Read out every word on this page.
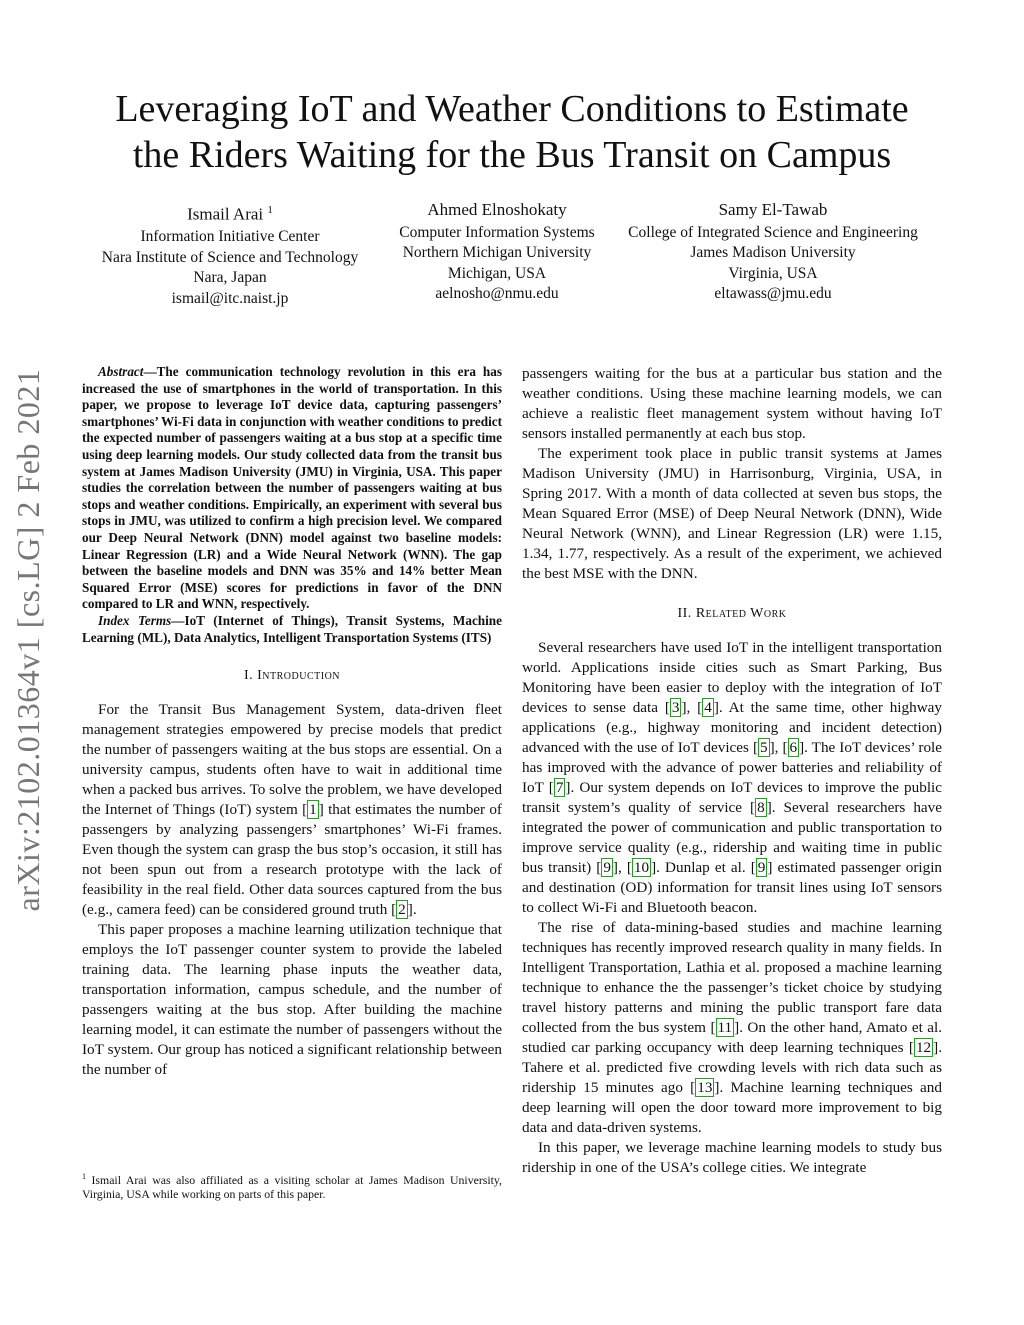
arXiv:2102.01364v1 [cs.LG] 2 Feb 2021
Leveraging IoT and Weather Conditions to Estimate
the Riders Waiting for the Bus Transit on Campus
Ismail Arai $^1$
Information Initiative Center
Nara Institute of Science and Technology
Nara, Japan
ismail@itc.naist.jp
Ahmed Elnoshokaty
Computer Information Systems
Northern Michigan University
Michigan, USA
aelnosho@nmu.edu
Samy El-Tawab
College of Integrated Science and Engineering
James Madison University
Virginia, USA
eltawass@jmu.edu

Abstract—The communication technology revolution in this era has increased the use of smartphones in the world of transportation. In this paper, we propose to leverage IoT device data, capturing passengers’ smartphones’ Wi-Fi data in conjunction with weather conditions to predict the expected number of passengers waiting at a bus stop at a specific time using deep learning models. Our study collected data from the transit bus system at James Madison University (JMU) in Virginia, USA. This paper studies the correlation between the number of passengers waiting at bus stops and weather conditions. Empirically, an experiment with several bus stops in JMU, was utilized to confirm a high precision level. We compared our Deep Neural Network (DNN) model against two baseline models: Linear Regression (LR) and a Wide Neural Network (WNN). The gap between the baseline models and DNN was 35% and 14% better Mean Squared Error (MSE) scores for predictions in favor of the DNN compared to LR and WNN, respectively.

Index Terms—IoT (Internet of Things), Transit Systems, Machine Learning (ML), Data Analytics, Intelligent Transportation Systems (ITS)

I. Introduction

For the Transit Bus Management System, data-driven fleet management strategies empowered by precise models that predict the number of passengers waiting at the bus stops are essential. On a university campus, students often have to wait in additional time when a packed bus arrives. To solve the problem, we have developed the Internet of Things (IoT) system [ 1 ] that estimates the number of passengers by analyzing passengers’ smartphones’ Wi-Fi frames. Even though the system can grasp the bus stop’s occasion, it still has not been spun out from a research prototype with the lack of feasibility in the real field. Other data sources captured from the bus (e.g., camera feed) can be considered ground truth [ 2 ].

This paper proposes a machine learning utilization technique that employs the IoT passenger counter system to provide the labeled training data. The learning phase inputs the weather data, transportation information, campus schedule, and the number of passengers waiting at the bus stop. After building the machine learning model, it can estimate the number of passengers without the IoT system. Our group has noticed a significant relationship between the number of

$^1$ Ismail Arai was also affiliated as a visiting scholar at James Madison University, Virginia, USA while working on parts of this paper.

passengers waiting for the bus at a particular bus station and the weather conditions. Using these machine learning models, we can achieve a realistic fleet management system without having IoT sensors installed permanently at each bus stop.

The experiment took place in public transit systems at James Madison University (JMU) in Harrisonburg, Virginia, USA, in Spring 2017. With a month of data collected at seven bus stops, the Mean Squared Error (MSE) of Deep Neural Network (DNN), Wide Neural Network (WNN), and Linear Regression (LR) were 1.15, 1.34, 1.77, respectively. As a result of the experiment, we achieved the best MSE with the DNN.

II. Related Work

Several researchers have used IoT in the intelligent transportation world. Applications inside cities such as Smart Parking, Bus Monitoring have been easier to deploy with the integration of IoT devices to sense data [ 3 ], [ 4 ]. At the same time, other highway applications (e.g., highway monitoring and incident detection) advanced with the use of IoT devices [ 5 ], [ 6 ]. The IoT devices’ role has improved with the advance of power batteries and reliability of IoT [ 7 ]. Our system depends on IoT devices to improve the public transit system’s quality of service [ 8 ]. Several researchers have integrated the power of communication and public transportation to improve service quality (e.g., ridership and waiting time in public bus transit) [ 9 ], [ 10 ]. Dunlap et al. [ 9 ] estimated passenger origin and destination (OD) information for transit lines using IoT sensors to collect Wi-Fi and Bluetooth beacon.

The rise of data-mining-based studies and machine learning techniques has recently improved research quality in many fields. In Intelligent Transportation, Lathia et al. proposed a machine learning technique to enhance the the passenger’s ticket choice by studying travel history patterns and mining the public transport fare data collected from the bus system [ 11 ]. On the other hand, Amato et al. studied car parking occupancy with deep learning techniques [ 12 ]. Tahere et al. predicted five crowding levels with rich data such as ridership 15 minutes ago [ 13 ]. Machine learning techniques and deep learning will open the door toward more improvement to big data and data-driven systems.

In this paper, we leverage machine learning models to study bus ridership in one of the USA’s college cities. We integrate
